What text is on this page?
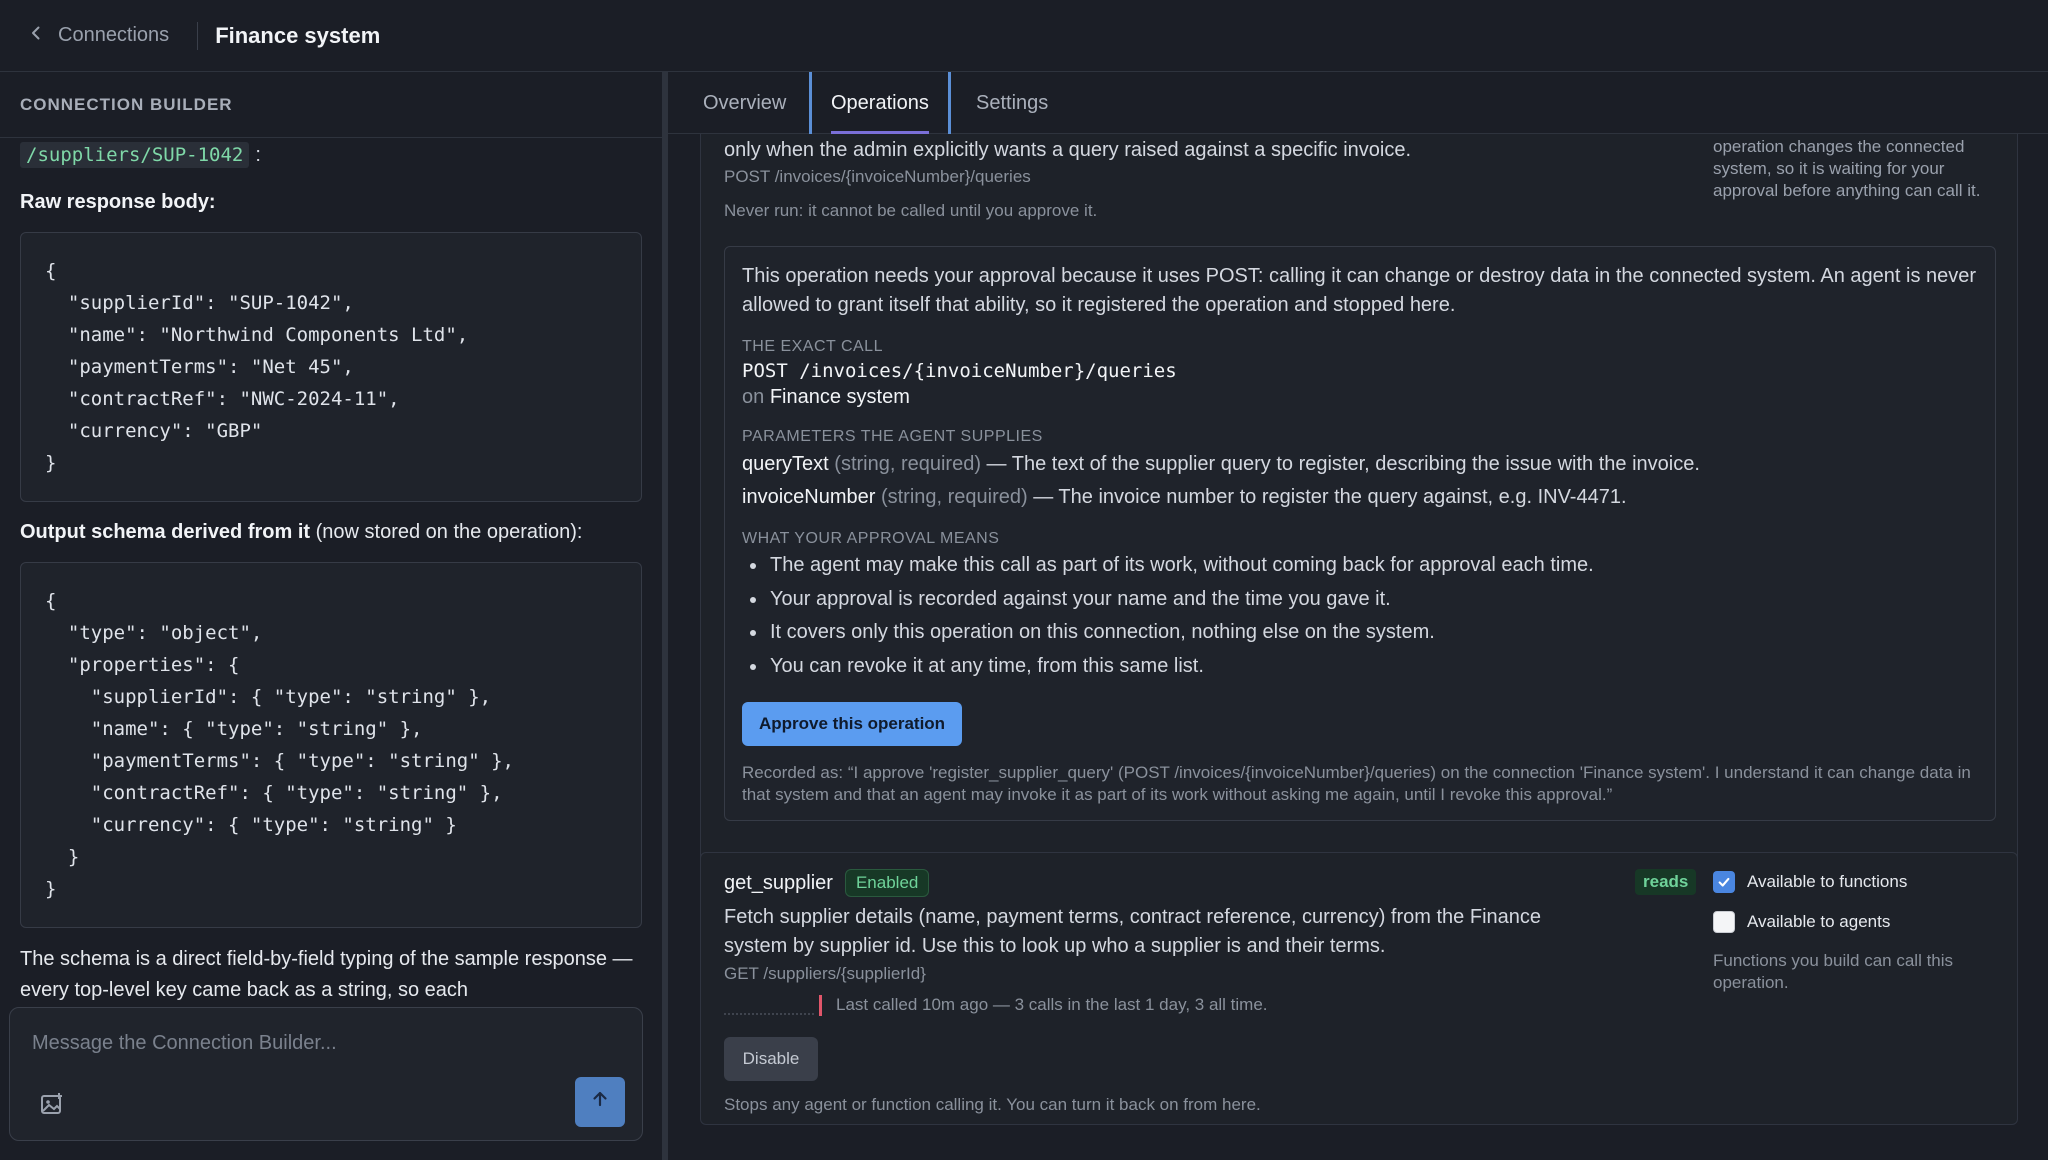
Connections Finance system
CONNECTION BUILDER
/suppliers/SUP-1042 :

Raw response body:

{
"supplierId": "SUP-1042",
"name": "Northwind Components Ltd",
"paymentTerms": "Net 45",
"contractRef": "NWC-2024-11",
"currency": "GBP"
}

Output schema derived from it (now stored on the operation):

{
"type": "object",
"properties": {
"supplierId": { "type": "string" },
"name": { "type": "string" },
"paymentTerms": { "type": "string" },
"contractRef": { "type": "string" },
"currency": { "type": "string" }
}
}

The schema is a direct field-by-field typing of the sample response — every top-level key came back as a string, so each

Message the Connection Builder...
Overview Operations Settings

only when the admin explicitly wants a query raised against a specific invoice.

POST /invoices/{invoiceNumber}/queries

Never run: it cannot be called until you approve it.

operation changes the connected system, so it is waiting for your approval before anything can call it.

This operation needs your approval because it uses POST: calling it can change or destroy data in the connected system. An agent is never allowed to grant itself that ability, so it registered the operation and stopped here.

THE EXACT CALL

POST /invoices/{invoiceNumber}/queries

on Finance system

PARAMETERS THE AGENT SUPPLIES

queryText (string, required) — The text of the supplier query to register, describing the issue with the invoice.

invoiceNumber (string, required) — The invoice number to register the query against, e.g. INV-4471.

WHAT YOUR APPROVAL MEANS

The agent may make this call as part of its work, without coming back for approval each time.
Your approval is recorded against your name and the time you gave it.
It covers only this operation on this connection, nothing else on the system.
You can revoke it at any time, from this same list.
Approve this operation

Recorded as: “I approve 'register_supplier_query' (POST /invoices/{invoiceNumber}/queries) on the connection 'Finance system'. I understand it can change data in that system and that an agent may invoke it as part of its work without asking me again, until I revoke this approval.”

get_supplier	Enabled	reads

Fetch supplier details (name, payment terms, contract reference, currency) from the Finance system by supplier id. Use this to look up who a supplier is and their terms.

GET /suppliers/{supplierId}

Last called 10m ago — 3 calls in the last 1 day, 3 all time.
Available to functions
Available to agents

Functions you build can call this operation.

Disable

Stops any agent or function calling it. You can turn it back on from here.
